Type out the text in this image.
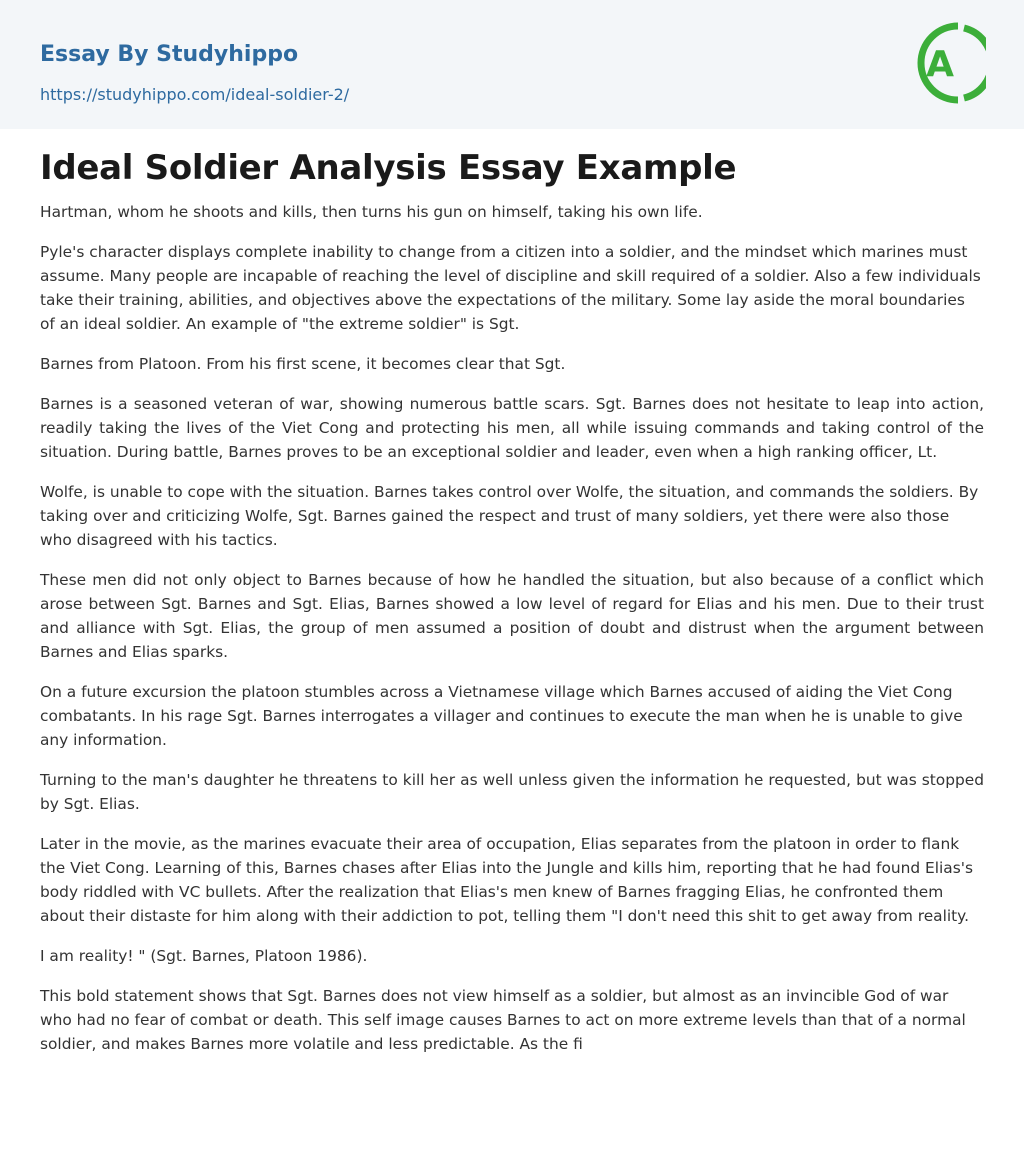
Essay By Studyhippo
https://studyhippo.com/ideal-soldier-2/
A
Ideal Soldier Analysis Essay Example

Hartman, whom he shoots and kills, then turns his gun on himself, taking his own life.

Pyle's character displays complete inability to change from a citizen into a soldier, and the mindset which marines must assume. Many people are incapable of reaching the level of discipline and skill required of a soldier. Also a few individuals take their training, abilities, and objectives above the expectations of the military. Some lay aside the moral boundaries of an ideal soldier. An example of "the extreme soldier" is Sgt.

Barnes from Platoon. From his first scene, it becomes clear that Sgt.

Barnes is a seasoned veteran of war, showing numerous battle scars. Sgt. Barnes does not hesitate to leap into action, readily taking the lives of the Viet Cong and protecting his men, all while issuing commands and taking control of the situation. During battle, Barnes proves to be an exceptional soldier and leader, even when a high ranking officer, Lt.

Wolfe, is unable to cope with the situation. Barnes takes control over Wolfe, the situation, and commands the soldiers. By taking over and criticizing Wolfe, Sgt. Barnes gained the respect and trust of many soldiers, yet there were also those who disagreed with his tactics.

These men did not only object to Barnes because of how he handled the situation, but also because of a conflict which arose between Sgt. Barnes and Sgt. Elias, Barnes showed a low level of regard for Elias and his men. Due to their trust and alliance with Sgt. Elias, the group of men assumed a position of doubt and distrust when the argument between Barnes and Elias sparks.

On a future excursion the platoon stumbles across a Vietnamese village which Barnes accused of aiding the Viet Cong combatants. In his rage Sgt. Barnes interrogates a villager and continues to execute the man when he is unable to give any information.

Turning to the man's daughter he threatens to kill her as well unless given the information he requested, but was stopped by Sgt. Elias.

Later in the movie, as the marines evacuate their area of occupation, Elias separates from the platoon in order to flank the Viet Cong. Learning of this, Barnes chases after Elias into the Jungle and kills him, reporting that he had found Elias's body riddled with VC bullets. After the realization that Elias's men knew of Barnes fragging Elias, he confronted them about their distaste for him along with their addiction to pot, telling them "I don't need this shit to get away from reality.

I am reality! " (Sgt. Barnes, Platoon 1986).

This bold statement shows that Sgt. Barnes does not view himself as a soldier, but almost as an invincible God of war who had no fear of combat or death. This self image causes Barnes to act on more extreme levels than that of a normal soldier, and makes Barnes more volatile and less predictable. As the fi
